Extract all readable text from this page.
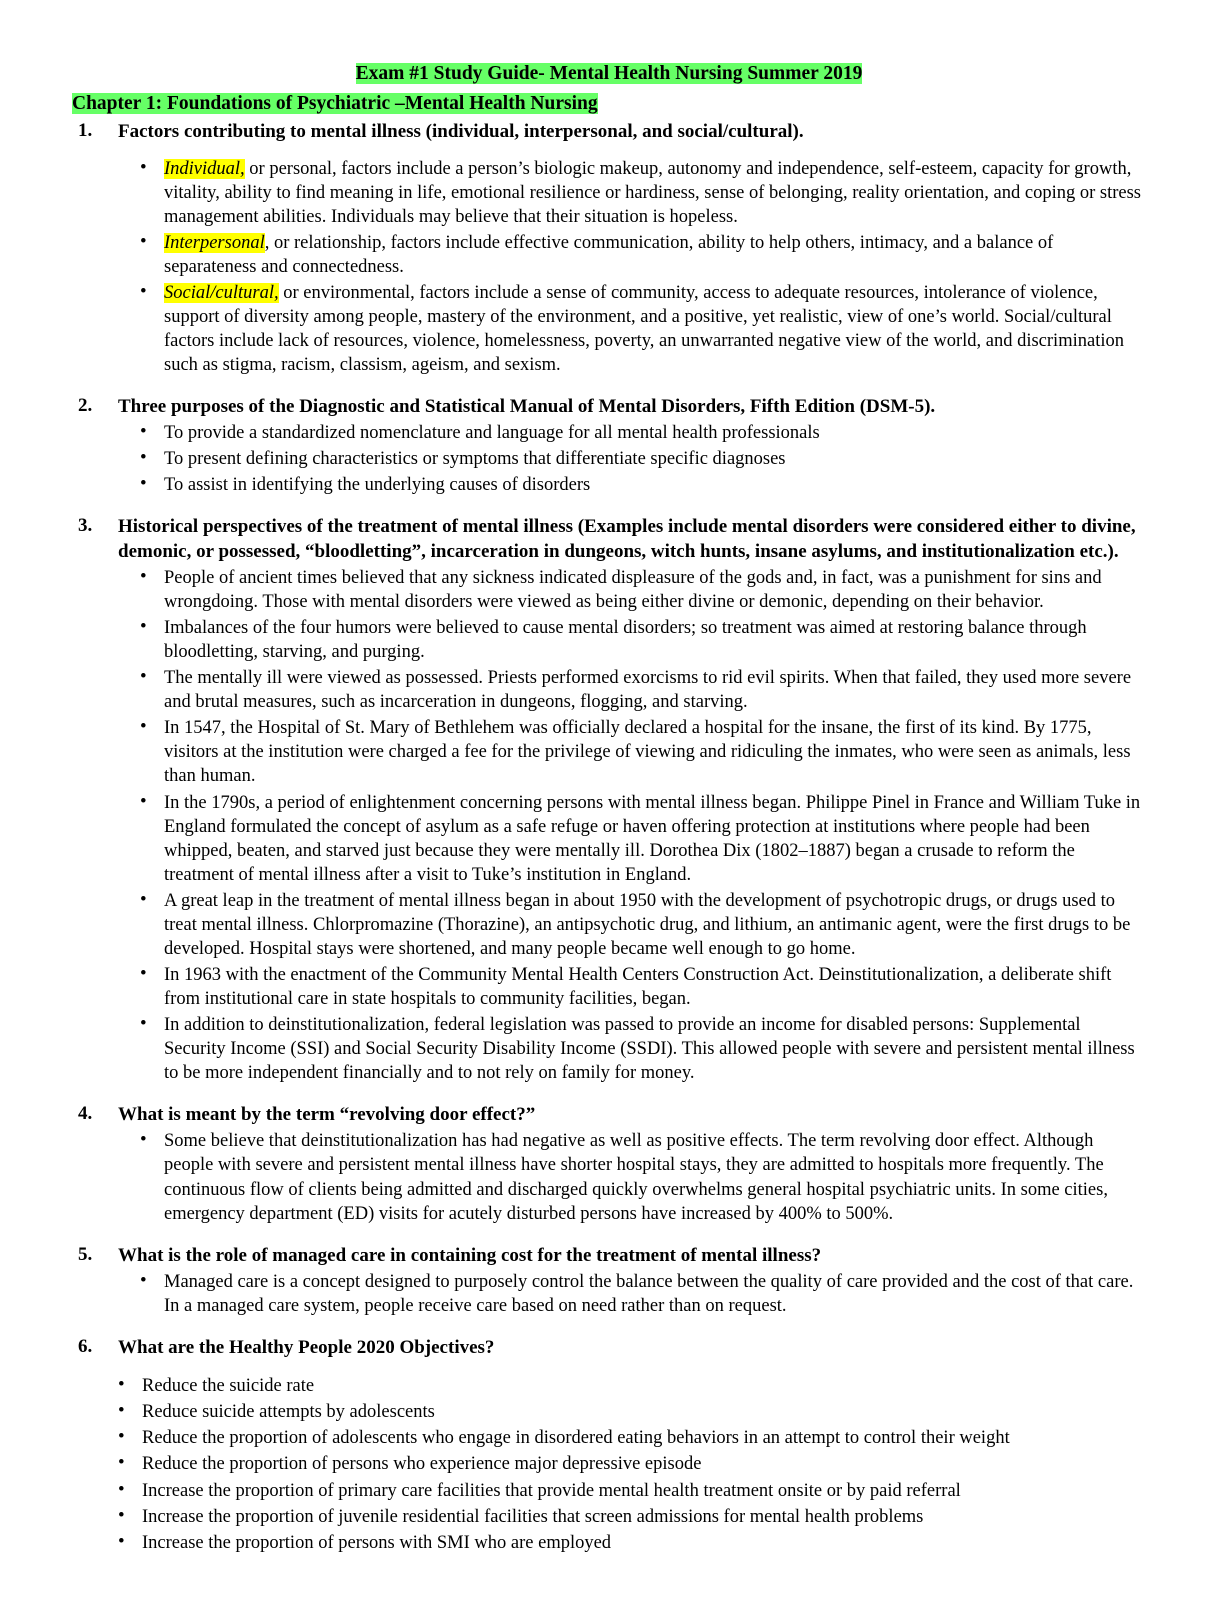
Exam #1 Study Guide- Mental Health Nursing Summer 2019
Chapter 1: Foundations of Psychiatric –Mental Health Nursing
1. Factors contributing to mental illness (individual, interpersonal, and social/cultural).
• Individual, or personal, factors include a person’s biologic makeup, autonomy and independence, self-esteem, capacity for growth, vitality, ability to find meaning in life, emotional resilience or hardiness, sense of belonging, reality orientation, and coping or stress management abilities. Individuals may believe that their situation is hopeless.
• Interpersonal, or relationship, factors include effective communication, ability to help others, intimacy, and a balance of separateness and connectedness.
• Social/cultural, or environmental, factors include a sense of community, access to adequate resources, intolerance of violence, support of diversity among people, mastery of the environment, and a positive, yet realistic, view of one’s world. Social/cultural factors include lack of resources, violence, homelessness, poverty, an unwarranted negative view of the world, and discrimination such as stigma, racism, classism, ageism, and sexism.
2. Three purposes of the Diagnostic and Statistical Manual of Mental Disorders, Fifth Edition (DSM-5).
• To provide a standardized nomenclature and language for all mental health professionals
• To present defining characteristics or symptoms that differentiate specific diagnoses
• To assist in identifying the underlying causes of disorders
3. Historical perspectives of the treatment of mental illness (Examples include mental disorders were considered either to divine, demonic, or possessed, “bloodletting”, incarceration in dungeons, witch hunts, insane asylums, and institutionalization etc.).
• People of ancient times believed that any sickness indicated displeasure of the gods and, in fact, was a punishment for sins and wrongdoing. Those with mental disorders were viewed as being either divine or demonic, depending on their behavior.
• Imbalances of the four humors were believed to cause mental disorders; so treatment was aimed at restoring balance through bloodletting, starving, and purging.
• The mentally ill were viewed as possessed. Priests performed exorcisms to rid evil spirits. When that failed, they used more severe and brutal measures, such as incarceration in dungeons, flogging, and starving.
• In 1547, the Hospital of St. Mary of Bethlehem was officially declared a hospital for the insane, the first of its kind. By 1775, visitors at the institution were charged a fee for the privilege of viewing and ridiculing the inmates, who were seen as animals, less than human.
• In the 1790s, a period of enlightenment concerning persons with mental illness began. Philippe Pinel in France and William Tuke in England formulated the concept of asylum as a safe refuge or haven offering protection at institutions where people had been whipped, beaten, and starved just because they were mentally ill. Dorothea Dix (1802–1887) began a crusade to reform the treatment of mental illness after a visit to Tuke’s institution in England.
• A great leap in the treatment of mental illness began in about 1950 with the development of psychotropic drugs, or drugs used to treat mental illness. Chlorpromazine (Thorazine), an antipsychotic drug, and lithium, an antimanic agent, were the first drugs to be developed. Hospital stays were shortened, and many people became well enough to go home.
• In 1963 with the enactment of the Community Mental Health Centers Construction Act. Deinstitutionalization, a deliberate shift from institutional care in state hospitals to community facilities, began.
• In addition to deinstitutionalization, federal legislation was passed to provide an income for disabled persons: Supplemental Security Income (SSI) and Social Security Disability Income (SSDI). This allowed people with severe and persistent mental illness to be more independent financially and to not rely on family for money.
4. What is meant by the term “revolving door effect?”
• Some believe that deinstitutionalization has had negative as well as positive effects. The term revolving door effect. Although people with severe and persistent mental illness have shorter hospital stays, they are admitted to hospitals more frequently. The continuous flow of clients being admitted and discharged quickly overwhelms general hospital psychiatric units. In some cities, emergency department (ED) visits for acutely disturbed persons have increased by 400% to 500%.
5. What is the role of managed care in containing cost for the treatment of mental illness?
• Managed care is a concept designed to purposely control the balance between the quality of care provided and the cost of that care. In a managed care system, people receive care based on need rather than on request.
6. What are the Healthy People 2020 Objectives?
• Reduce the suicide rate
• Reduce suicide attempts by adolescents
• Reduce the proportion of adolescents who engage in disordered eating behaviors in an attempt to control their weight
• Reduce the proportion of persons who experience major depressive episode
• Increase the proportion of primary care facilities that provide mental health treatment onsite or by paid referral
• Increase the proportion of juvenile residential facilities that screen admissions for mental health problems
• Increase the proportion of persons with SMI who are employed
